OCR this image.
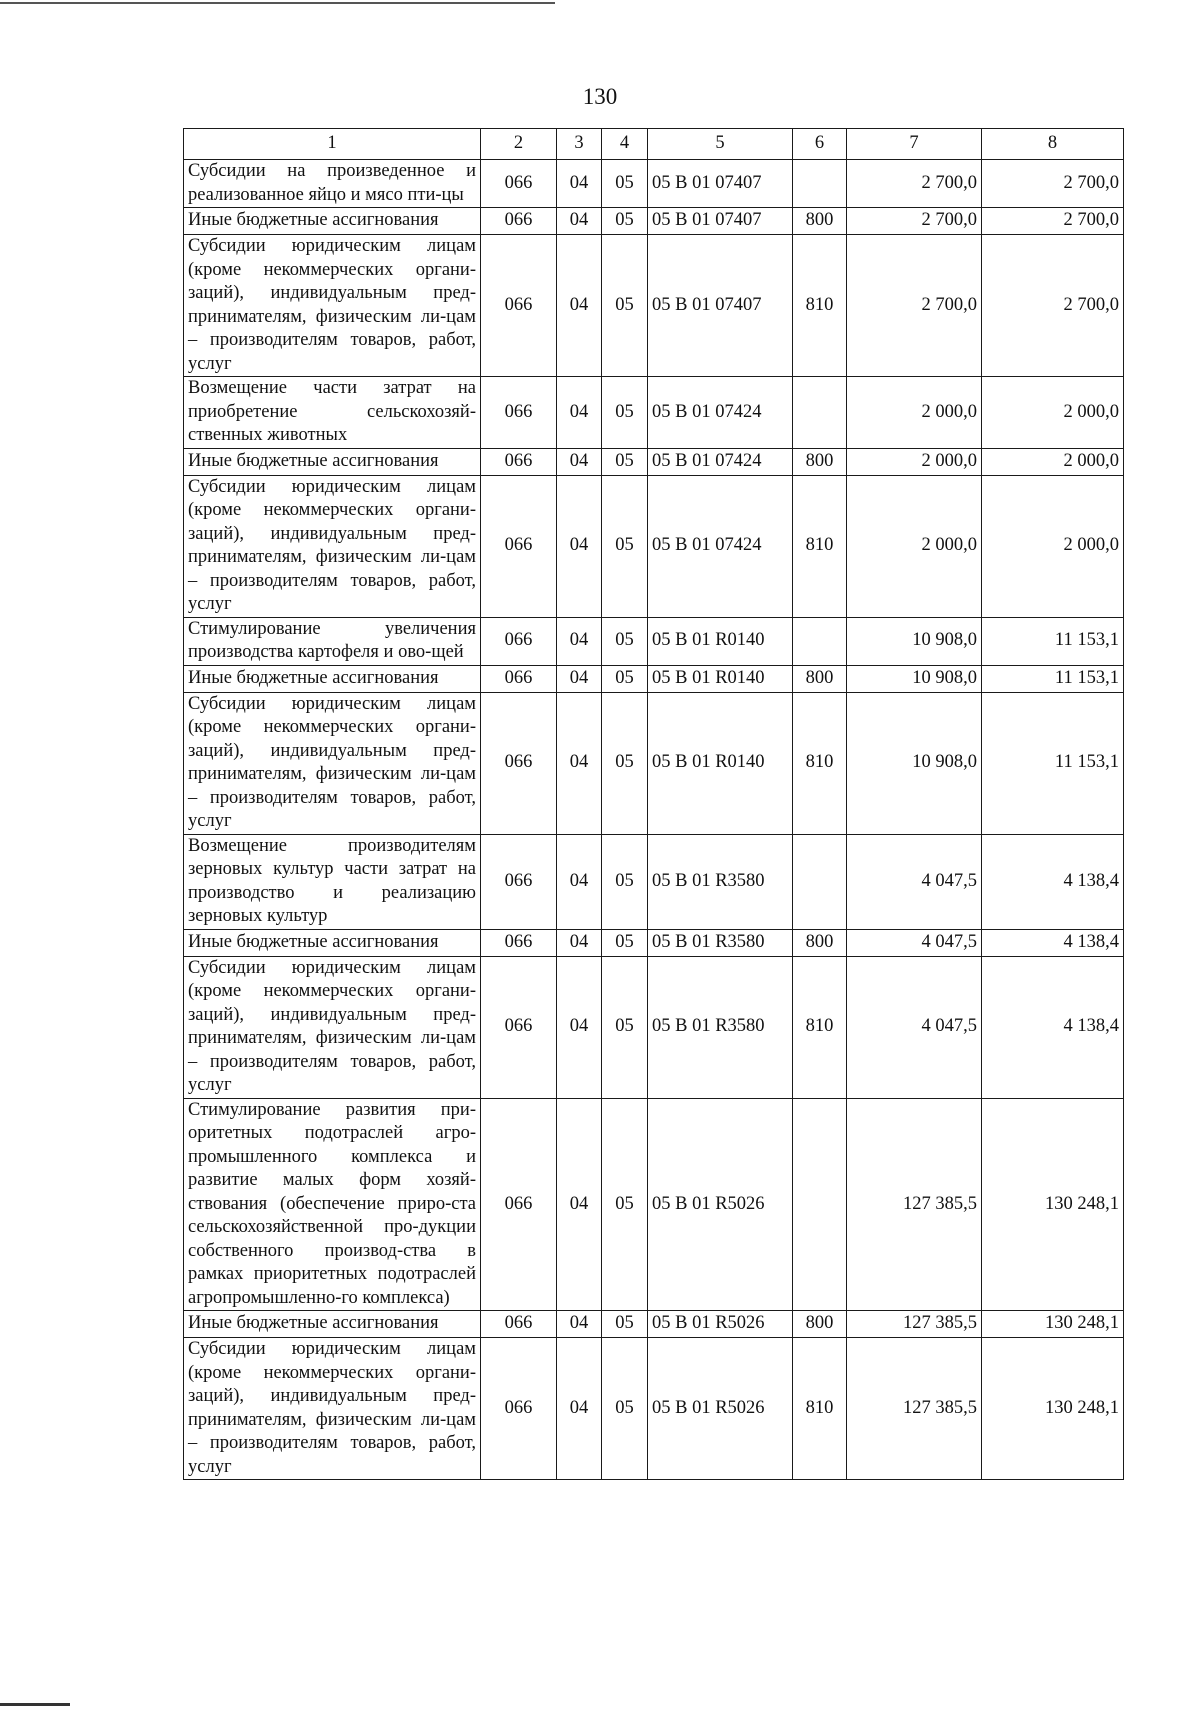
130
1	2	3	4	5	6	7	8
Субсидии на произведенное и реализованное яйцо и мясо пти-цы	066	04	05	05 В 01 07407		2 700,0	2 700,0
Иные бюджетные ассигнования	066	04	05	05 В 01 07407	800	2 700,0	2 700,0
Субсидии юридическим лицам (кроме некоммерческих органи-заций), индивидуальным пред-принимателям, физическим ли-цам – производителям товаров, работ, услуг	066	04	05	05 В 01 07407	810	2 700,0	2 700,0
Возмещение части затрат на приобретение сельскохозяй-ственных животных	066	04	05	05 В 01 07424		2 000,0	2 000,0
Иные бюджетные ассигнования	066	04	05	05 В 01 07424	800	2 000,0	2 000,0
Субсидии юридическим лицам (кроме некоммерческих органи-заций), индивидуальным пред-принимателям, физическим ли-цам – производителям товаров, работ, услуг	066	04	05	05 В 01 07424	810	2 000,0	2 000,0
Стимулирование увеличения производства картофеля и ово-щей	066	04	05	05 В 01 R0140		10 908,0	11 153,1
Иные бюджетные ассигнования	066	04	05	05 В 01 R0140	800	10 908,0	11 153,1
Субсидии юридическим лицам (кроме некоммерческих органи-заций), индивидуальным пред-принимателям, физическим ли-цам – производителям товаров, работ, услуг	066	04	05	05 В 01 R0140	810	10 908,0	11 153,1
Возмещение производителям зерновых культур части затрат на производство и реализацию зерновых культур	066	04	05	05 В 01 R3580		4 047,5	4 138,4
Иные бюджетные ассигнования	066	04	05	05 В 01 R3580	800	4 047,5	4 138,4
Субсидии юридическим лицам (кроме некоммерческих органи-заций), индивидуальным пред-принимателям, физическим ли-цам – производителям товаров, работ, услуг	066	04	05	05 В 01 R3580	810	4 047,5	4 138,4
Стимулирование развития при-оритетных подотраслей агро-промышленного комплекса и развитие малых форм хозяй-ствования (обеспечение приро-ста сельскохозяйственной про-дукции собственного производ-ства в рамках приоритетных подотраслей агропромышленно-го комплекса)	066	04	05	05 В 01 R5026		127 385,5	130 248,1
Иные бюджетные ассигнования	066	04	05	05 В 01 R5026	800	127 385,5	130 248,1
Субсидии юридическим лицам (кроме некоммерческих органи-заций), индивидуальным пред-принимателям, физическим ли-цам – производителям товаров, работ, услуг	066	04	05	05 В 01 R5026	810	127 385,5	130 248,1
